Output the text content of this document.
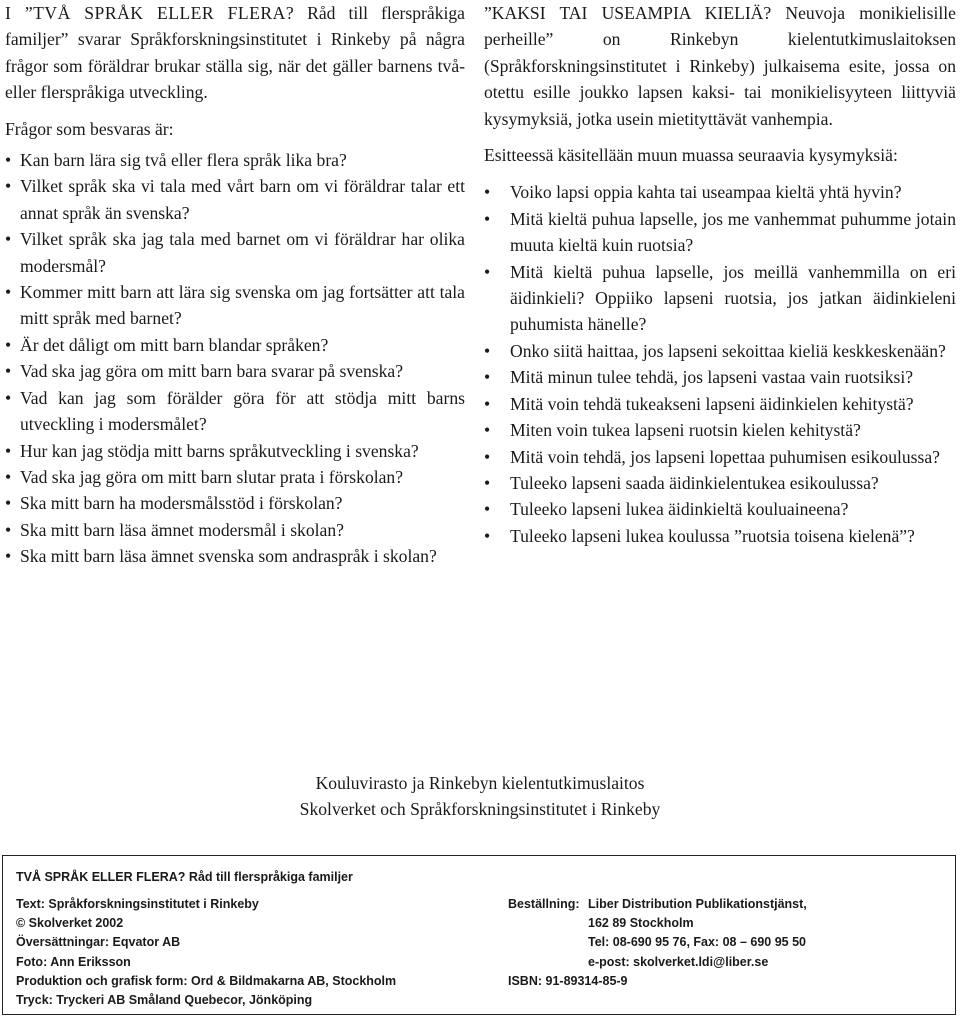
I ”TVÅ SPRÅK ELLER FLERA? Råd till flerspråkiga familjer” svarar Språkforskningsinstitutet i Rinkeby på några frågor som föräldrar brukar ställa sig, när det gäller barnens två- eller flerspråkiga utveckling.

Frågor som besvaras är:

• Kan barn lära sig två eller flera språk lika bra?
• Vilket språk ska vi tala med vårt barn om vi föräldrar talar ett annat språk än svenska?
• Vilket språk ska jag tala med barnet om vi föräldrar har olika modersmål?
• Kommer mitt barn att lära sig svenska om jag fortsätter att tala mitt språk med barnet?
• Är det dåligt om mitt barn blandar språken?
• Vad ska jag göra om mitt barn bara svarar på svenska?
• Vad kan jag som förälder göra för att stödja mitt barns utveckling i modersmålet?
• Hur kan jag stödja mitt barns språkutveckling i svenska?
• Vad ska jag göra om mitt barn slutar prata i förskolan?
• Ska mitt barn ha modersmålsstöd i förskolan?
• Ska mitt barn läsa ämnet modersmål i skolan?
• Ska mitt barn läsa ämnet svenska som andraspråk i skolan?

”KAKSI TAI USEAMPIA KIELIÄ? Neuvoja monikielisille perheille” on Rinkebyn kielentutkimuslaitoksen (Språkforskningsinstitutet i Rinkeby) julkaisema esite, jossa on otettu esille joukko lapsen kaksi- tai monikielisyyteen liittyviä kysymyksiä, jotka usein mietityttävät vanhempia.

Esitteessä käsitellään muun muassa seuraavia kysymyksiä:

• Voiko lapsi oppia kahta tai useampaa kieltä yhtä hyvin?
• Mitä kieltä puhua lapselle, jos me vanhemmat puhumme jotain muuta kieltä kuin ruotsia?
• Mitä kieltä puhua lapselle, jos meillä vanhemmilla on eri äidinkieli? Oppiiko lapseni ruotsia, jos jatkan äidinkieleni puhumista hänelle?
• Onko siitä haittaa, jos lapseni sekoittaa kieliä keskkeskenään?
• Mitä minun tulee tehdä, jos lapseni vastaa vain ruotsiksi?
• Mitä voin tehdä tukeakseni lapseni äidinkielen kehitystä?
• Miten voin tukea lapseni ruotsin kielen kehitystä?
• Mitä voin tehdä, jos lapseni lopettaa puhumisen esikoulussa?
• Tuleeko lapseni saada äidinkielentukea esikoulussa?
• Tuleeko lapseni lukea äidinkieltä kouluaineena?
• Tuleeko lapseni lukea koulussa ”ruotsia toisena kielenä”?
Kouluvirasto ja Rinkebyn kielentutkimuslaitos
Skolverket och Språkforskningsinstitutet i Rinkeby
TVÅ SPRÅK ELLER FLERA? Råd till flerspråkiga familjer
Text: Språkforskningsinstitutet i Rinkeby
© Skolverket 2002
Översättningar: Eqvator AB
Foto: Ann Eriksson
Produktion och grafisk form: Ord & Bildmakarna AB, Stockholm
Tryck: Tryckeri AB Småland Quebecor, Jönköping
Beställning: Liber Distribution Publikationstjänst,
162 89 Stockholm
Tel: 08-690 95 76, Fax: 08 – 690 95 50
e-post: skolverket.ldi@liber.se
ISBN: 91-89314-85-9
